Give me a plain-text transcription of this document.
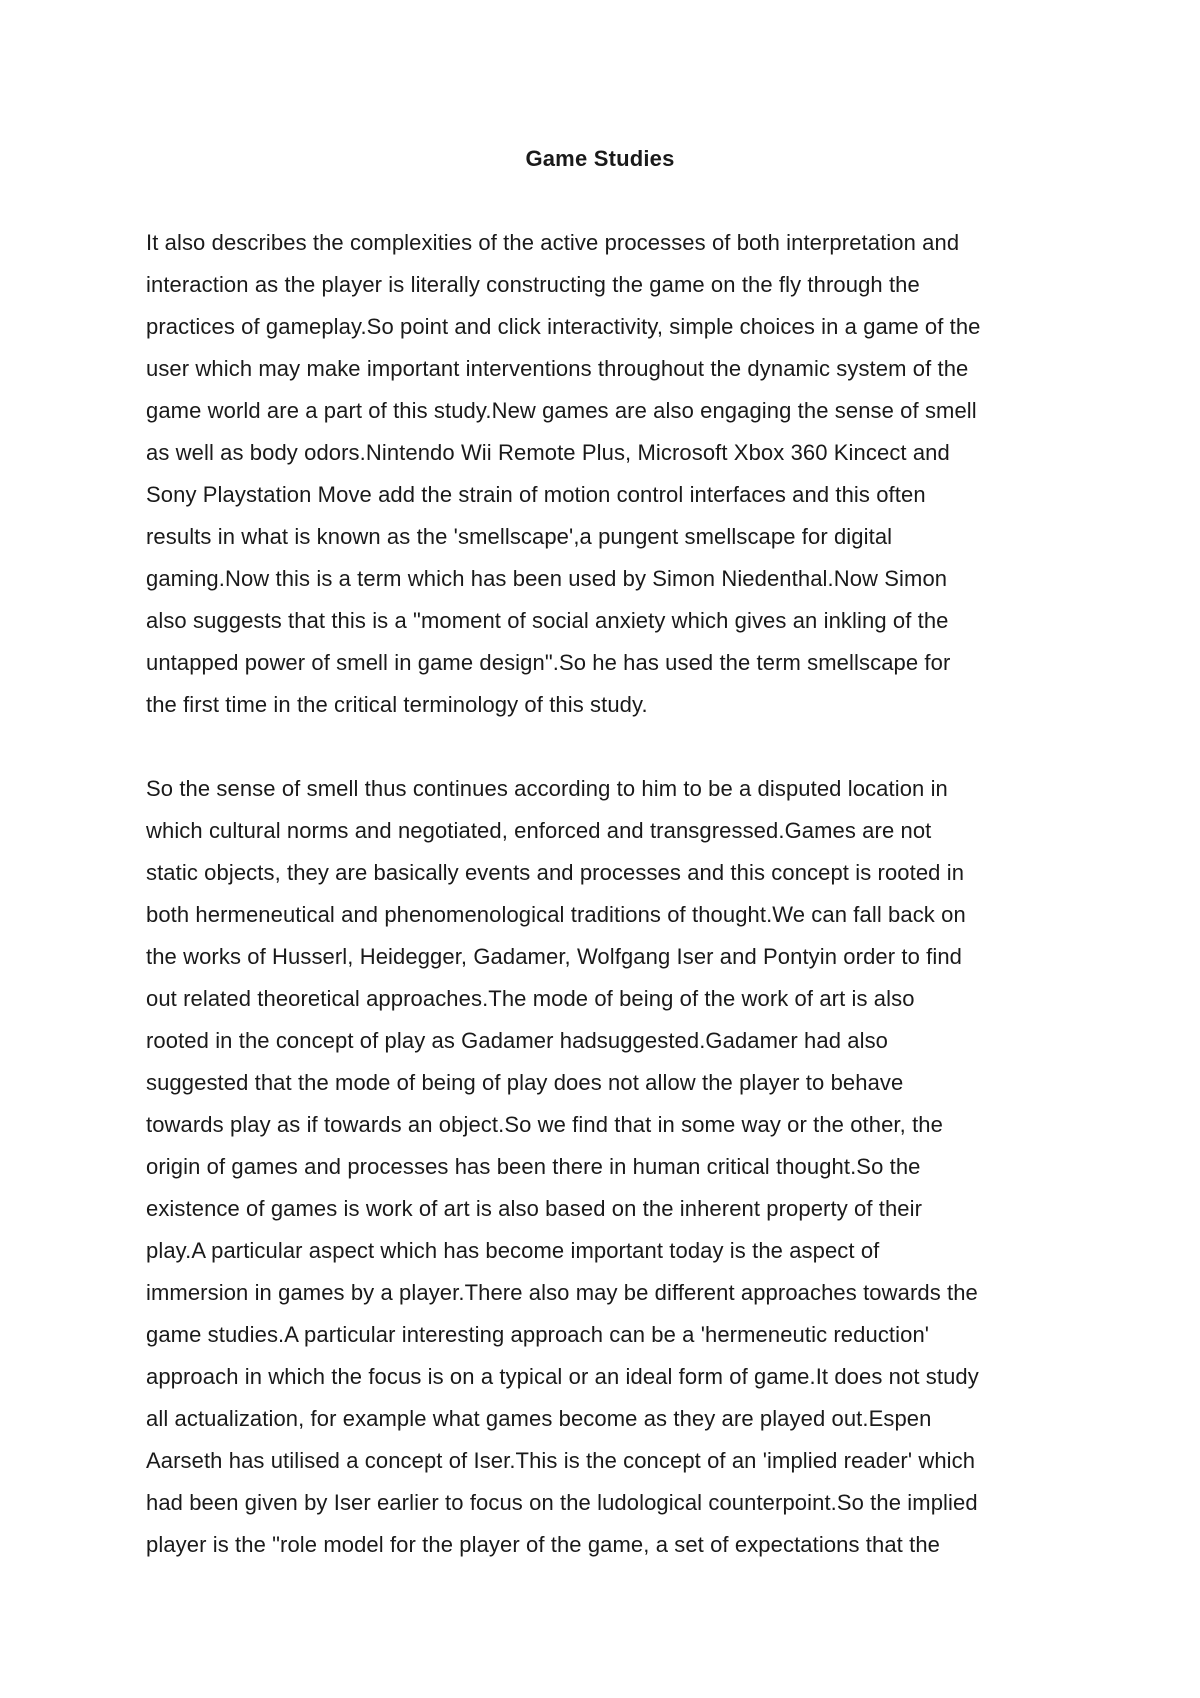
Game Studies
It also describes the complexities of the active processes of both interpretation and
interaction as the player is literally constructing the game on the fly through the
practices of gameplay.So point and click interactivity, simple choices in a game of the
user which may make important interventions throughout the dynamic system of the
game world are a part of this study.New games are also engaging the sense of smell
as well as body odors.Nintendo Wii Remote Plus, Microsoft Xbox 360 Kincect and
Sony Playstation Move add the strain of motion control interfaces and this often
results in what is known as the 'smellscape',a pungent smellscape for digital
gaming.Now this is a term which has been used by Simon Niedenthal.Now Simon
also suggests that this is a "moment of social anxiety which gives an inkling of the
untapped power of smell in game design".So he has used the term smellscape for
the first time in the critical terminology of this study.
So the sense of smell thus continues according to him to be a disputed location in
which cultural norms and negotiated, enforced and transgressed.Games are not
static objects, they are basically events and processes and this concept is rooted in
both hermeneutical and phenomenological traditions of thought.We can fall back on
the works of Husserl, Heidegger, Gadamer, Wolfgang Iser and Pontyin order to find
out related theoretical approaches.The mode of being of the work of art is also
rooted in the concept of play as Gadamer hadsuggested.Gadamer had also
suggested that the mode of being of play does not allow the player to behave
towards play as if towards an object.So we find that in some way or the other, the
origin of games and processes has been there in human critical thought.So the
existence of games is work of art is also based on the inherent property of their
play.A particular aspect which has become important today is the aspect of
immersion in games by a player.There also may be different approaches towards the
game studies.A particular interesting approach can be a 'hermeneutic reduction'
approach in which the focus is on a typical or an ideal form of game.It does not study
all actualization, for example what games become as they are played out.Espen
Aarseth has utilised a concept of Iser.This is the concept of an 'implied reader' which
had been given by Iser earlier to focus on the ludological counterpoint.So the implied
player is the "role model for the player of the game, a set of expectations that the
